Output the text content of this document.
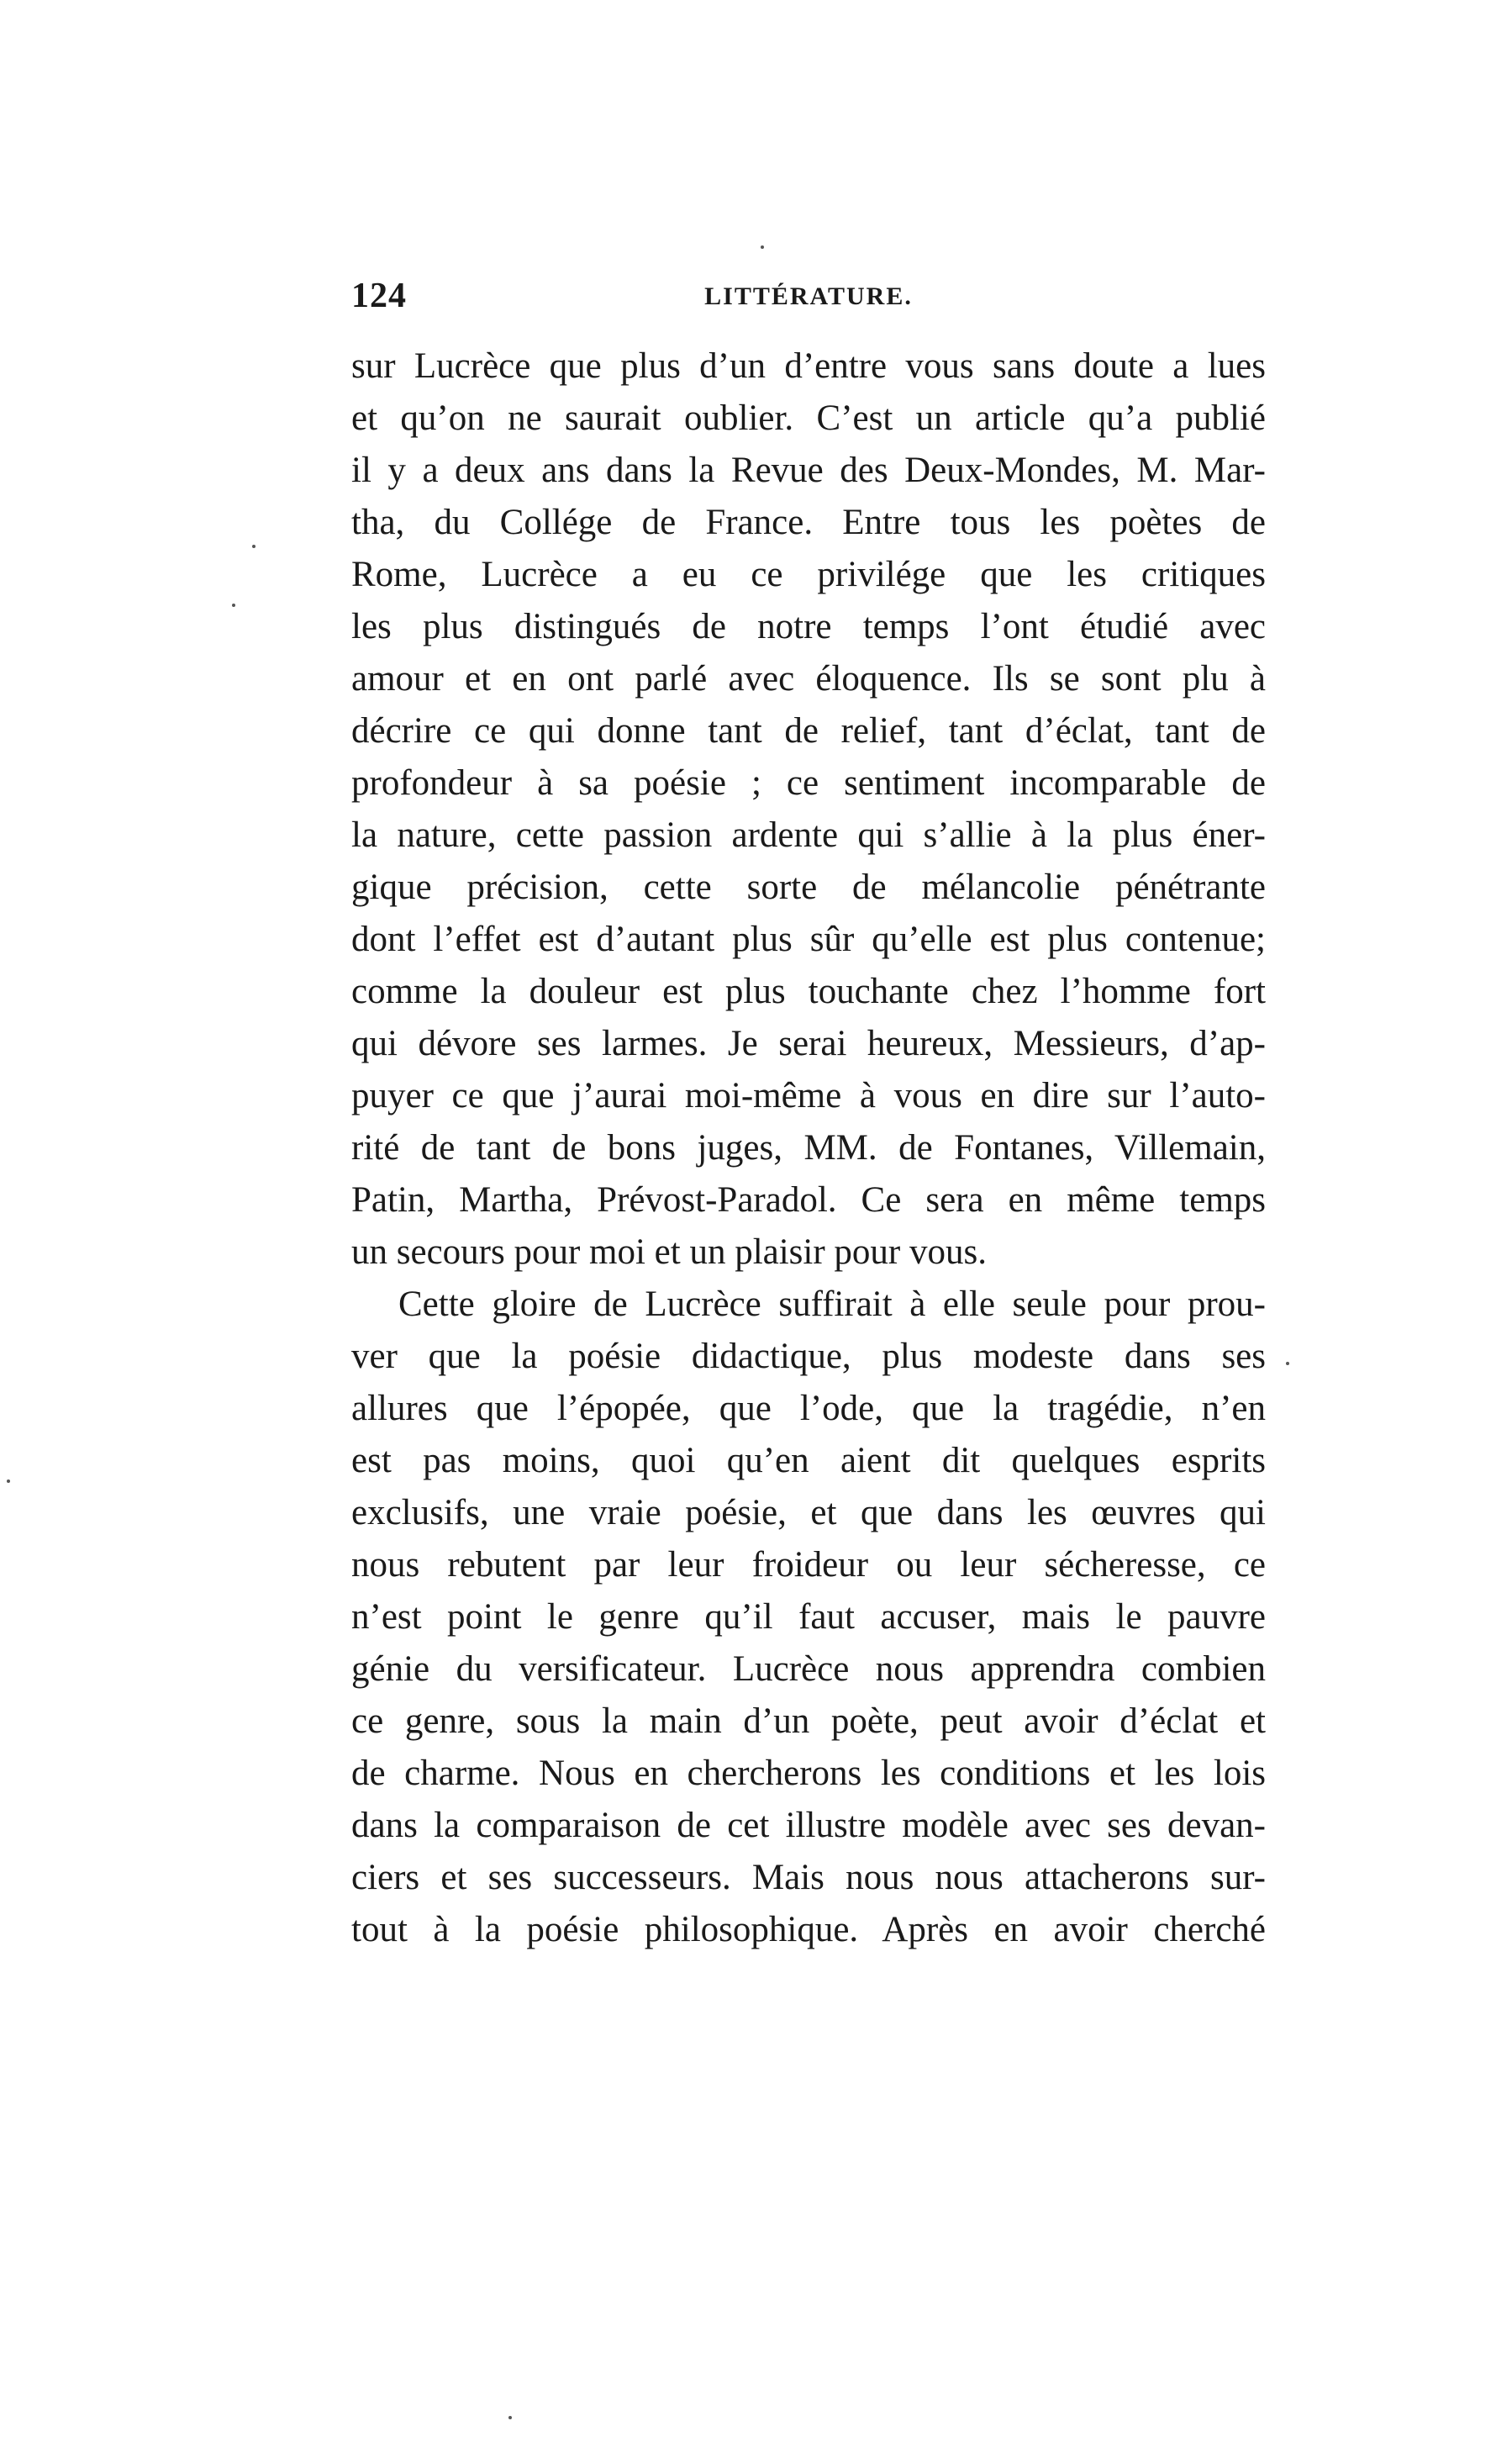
124	LITTÉRATURE.
sur Lucrèce que plus d’un d’entre vous sans doute a lues
et qu’on ne saurait oublier. C’est un article qu’a publié
il y a deux ans dans la Revue des Deux-Mondes, M. Mar-
tha, du Collége de France. Entre tous les poètes de
Rome, Lucrèce a eu ce privilége que les critiques
les plus distingués de notre temps l’ont étudié avec
amour et en ont parlé avec éloquence. Ils se sont plu à
décrire ce qui donne tant de relief, tant d’éclat, tant de
profondeur à sa poésie ; ce sentiment incomparable de
la nature, cette passion ardente qui s’allie à la plus éner-
gique précision, cette sorte de mélancolie pénétrante
dont l’effet est d’autant plus sûr qu’elle est plus contenue;
comme la douleur est plus touchante chez l’homme fort
qui dévore ses larmes. Je serai heureux, Messieurs, d’ap-
puyer ce que j’aurai moi-même à vous en dire sur l’auto-
rité de tant de bons juges, MM. de Fontanes, Villemain,
Patin, Martha, Prévost-Paradol. Ce sera en même temps
un secours pour moi et un plaisir pour vous.
Cette gloire de Lucrèce suffirait à elle seule pour prou-
ver que la poésie didactique, plus modeste dans ses
allures que l’épopée, que l’ode, que la tragédie, n’en
est pas moins, quoi qu’en aient dit quelques esprits
exclusifs, une vraie poésie, et que dans les œuvres qui
nous rebutent par leur froideur ou leur sécheresse, ce
n’est point le genre qu’il faut accuser, mais le pauvre
génie du versificateur. Lucrèce nous apprendra combien
ce genre, sous la main d’un poète, peut avoir d’éclat et
de charme. Nous en chercherons les conditions et les lois
dans la comparaison de cet illustre modèle avec ses devan-
ciers et ses successeurs. Mais nous nous attacherons sur-
tout à la poésie philosophique. Après en avoir cherché
